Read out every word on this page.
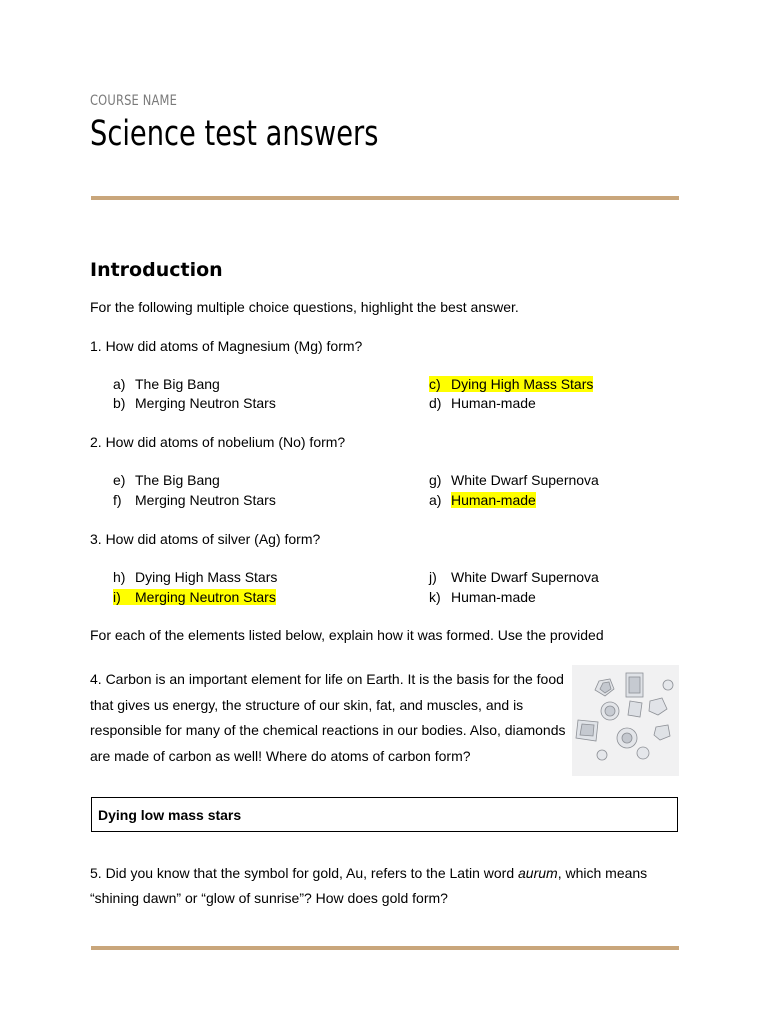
COURSE NAME
Science test answers
Introduction
For the following multiple choice questions, highlight the best answer.
1. How did atoms of Magnesium (Mg) form?
a) The Big Bang
b) Merging Neutron Stars
c) Dying High Mass Stars
d) Human-made
2. How did atoms of nobelium (No) form?
e) The Big Bang
f) Merging Neutron Stars
g) White Dwarf Supernova
a) Human-made
3. How did atoms of silver (Ag) form?
h) Dying High Mass Stars
i) Merging Neutron Stars
j) White Dwarf Supernova
k) Human-made
For each of the elements listed below, explain how it was formed. Use the provided
4. Carbon is an important element for life on Earth. It is the basis for the food that gives us energy, the structure of our skin, fat, and muscles, and is responsible for many of the chemical reactions in our bodies. Also, diamonds are made of carbon as well! Where do atoms of carbon form?
Dying low mass stars
5. Did you know that the symbol for gold, Au, refers to the Latin word aurum, which means “shining dawn” or “glow of sunrise”? How does gold form?
